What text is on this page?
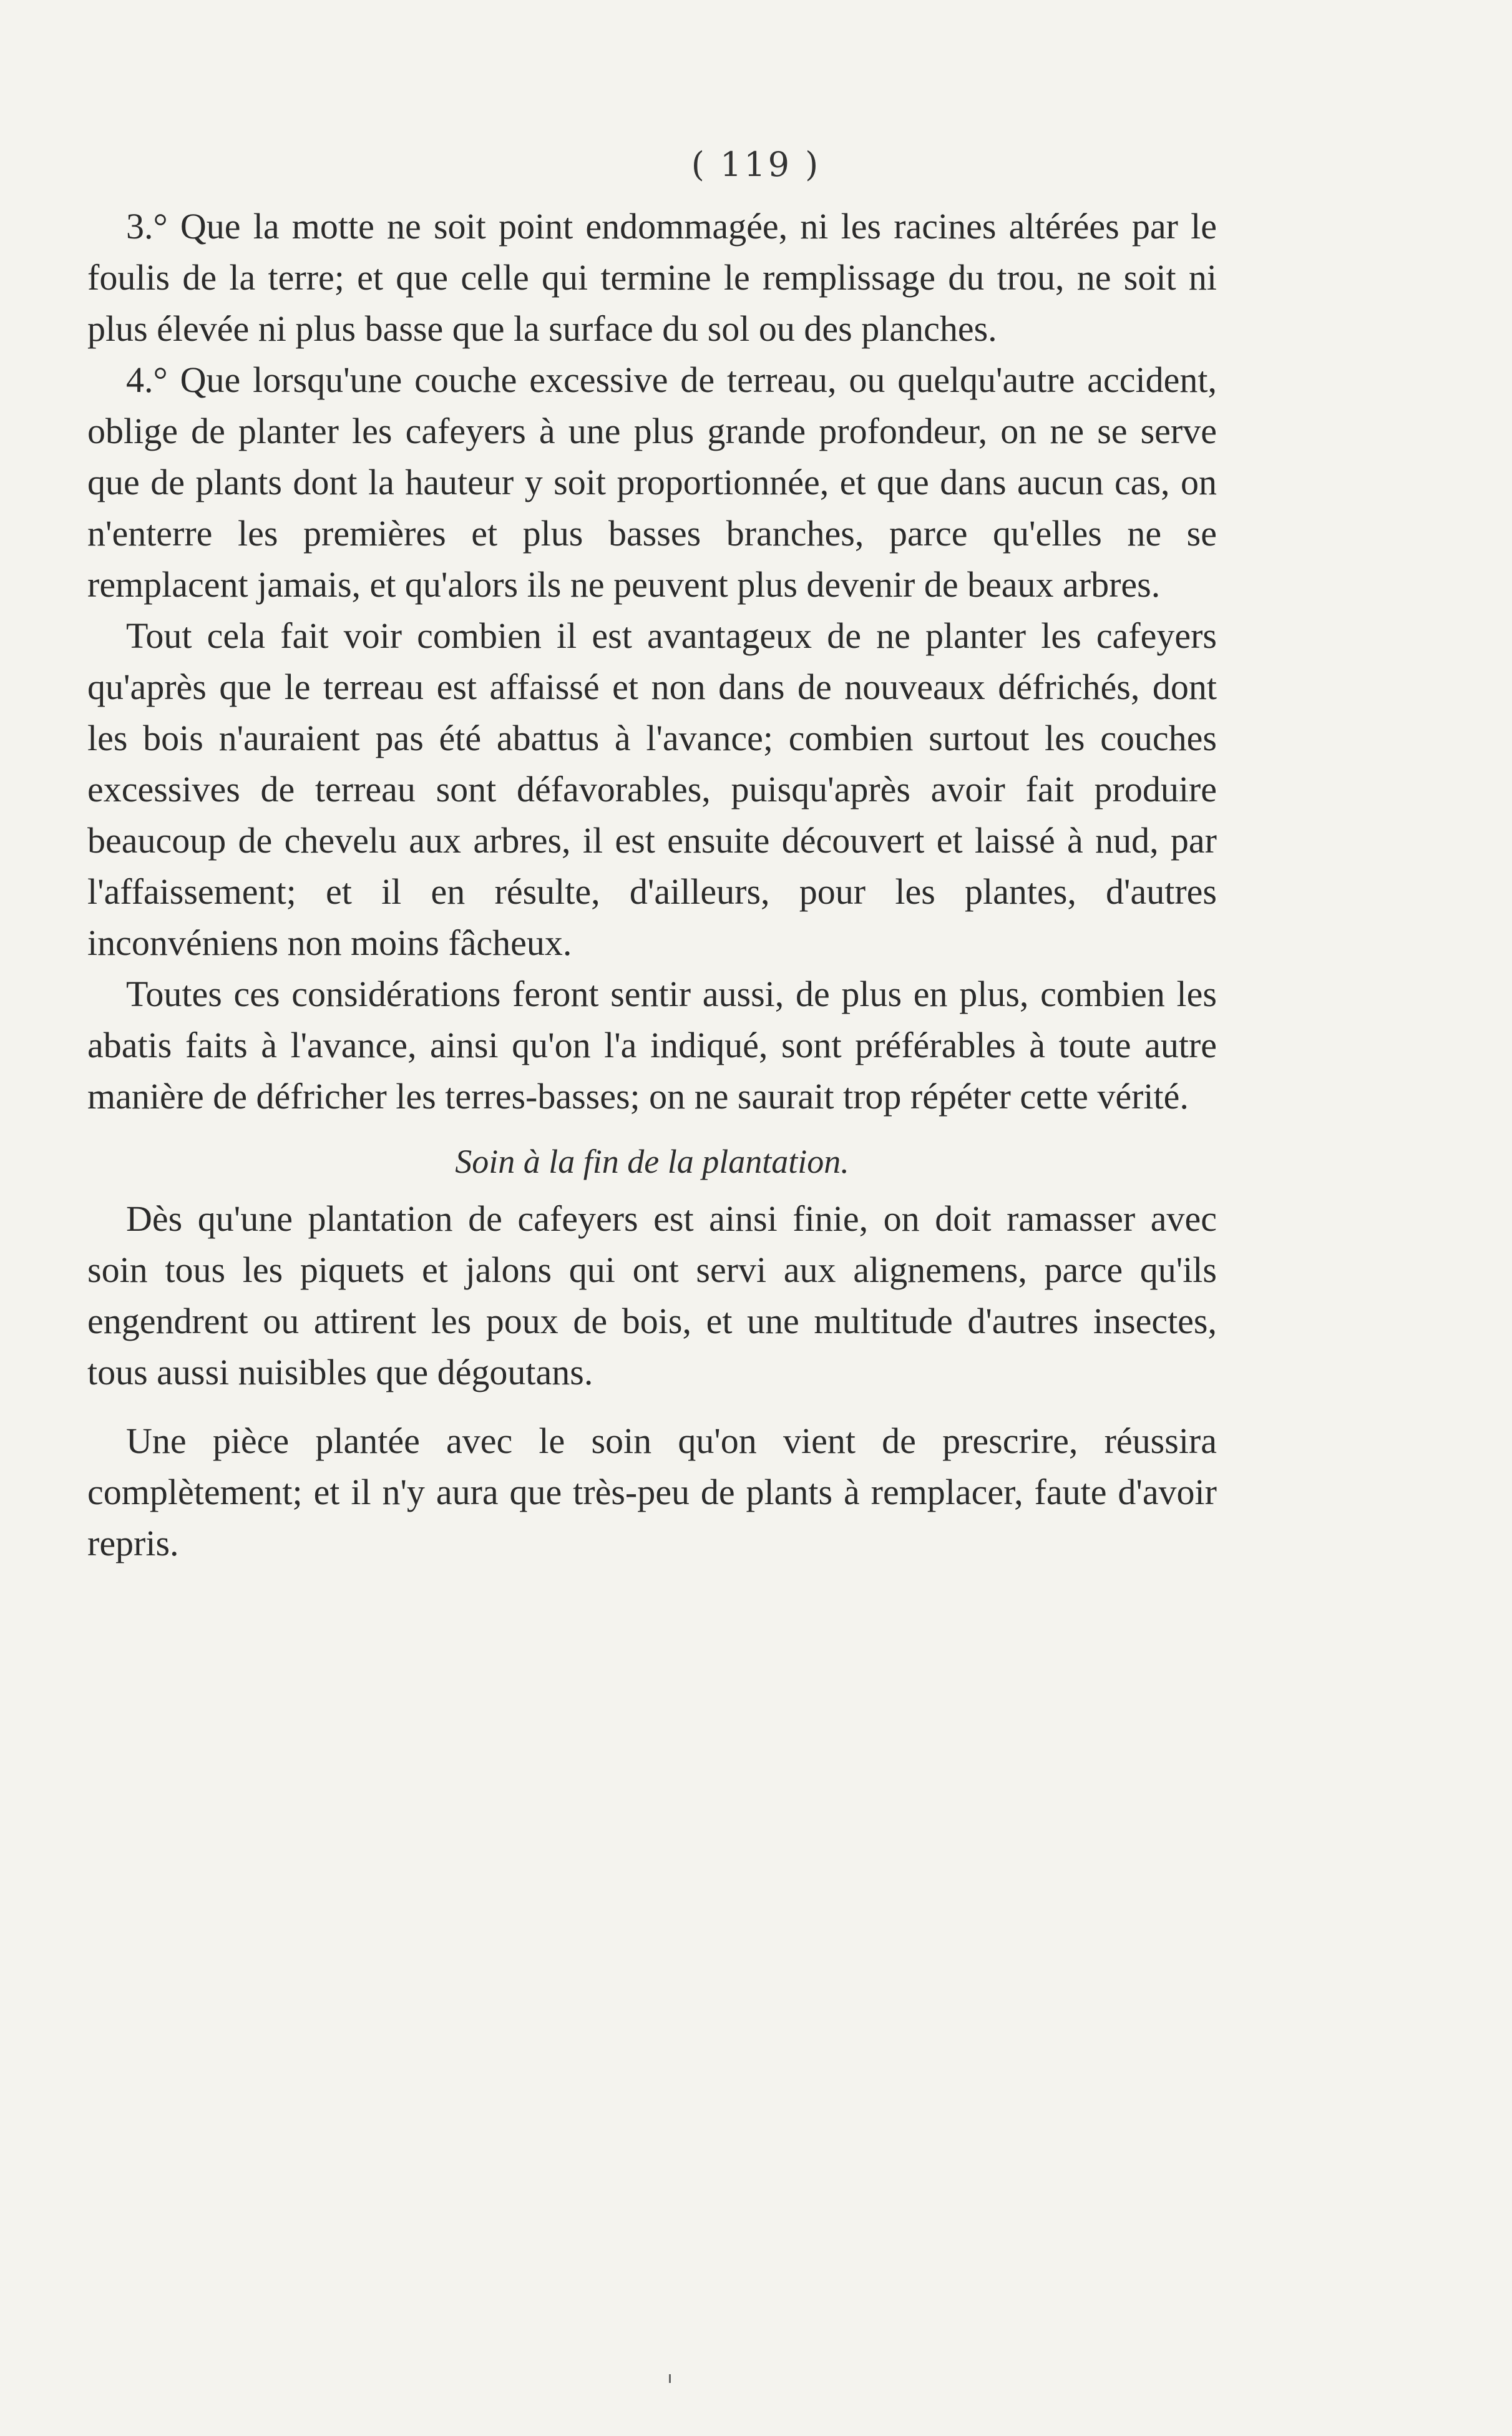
( 119 )

3.° Que la motte ne soit point endommagée, ni les racines altérées par le foulis de la terre; et que celle qui termine le remplissage du trou, ne soit ni plus élevée ni plus basse que la surface du sol ou des planches.

4.° Que lorsqu'une couche excessive de terreau, ou quelqu'autre accident, oblige de planter les cafeyers à une plus grande profondeur, on ne se serve que de plants dont la hauteur y soit proportionnée, et que dans aucun cas, on n'enterre les premières et plus basses branches, parce qu'elles ne se remplacent jamais, et qu'alors ils ne peuvent plus devenir de beaux arbres.

Tout cela fait voir combien il est avantageux de ne planter les cafeyers qu'après que le terreau est affaissé et non dans de nouveaux défrichés, dont les bois n'auraient pas été abattus à l'avance; combien surtout les couches excessives de terreau sont défavorables, puisqu'après avoir fait produire beaucoup de chevelu aux arbres, il est ensuite découvert et laissé à nud, par l'affaissement; et il en résulte, d'ailleurs, pour les plantes, d'autres inconvéniens non moins fâcheux.

Toutes ces considérations feront sentir aussi, de plus en plus, combien les abatis faits à l'avance, ainsi qu'on l'a indiqué, sont préférables à toute autre manière de défricher les terres-basses; on ne saurait trop répéter cette vérité.

Soin à la fin de la plantation.

Dès qu'une plantation de cafeyers est ainsi finie, on doit ramasser avec soin tous les piquets et jalons qui ont servi aux alignemens, parce qu'ils engendrent ou attirent les poux de bois, et une multitude d'autres insectes, tous aussi nuisibles que dégoutans.

Une pièce plantée avec le soin qu'on vient de prescrire, réussira complètement; et il n'y aura que très-peu de plants à remplacer, faute d'avoir repris.
